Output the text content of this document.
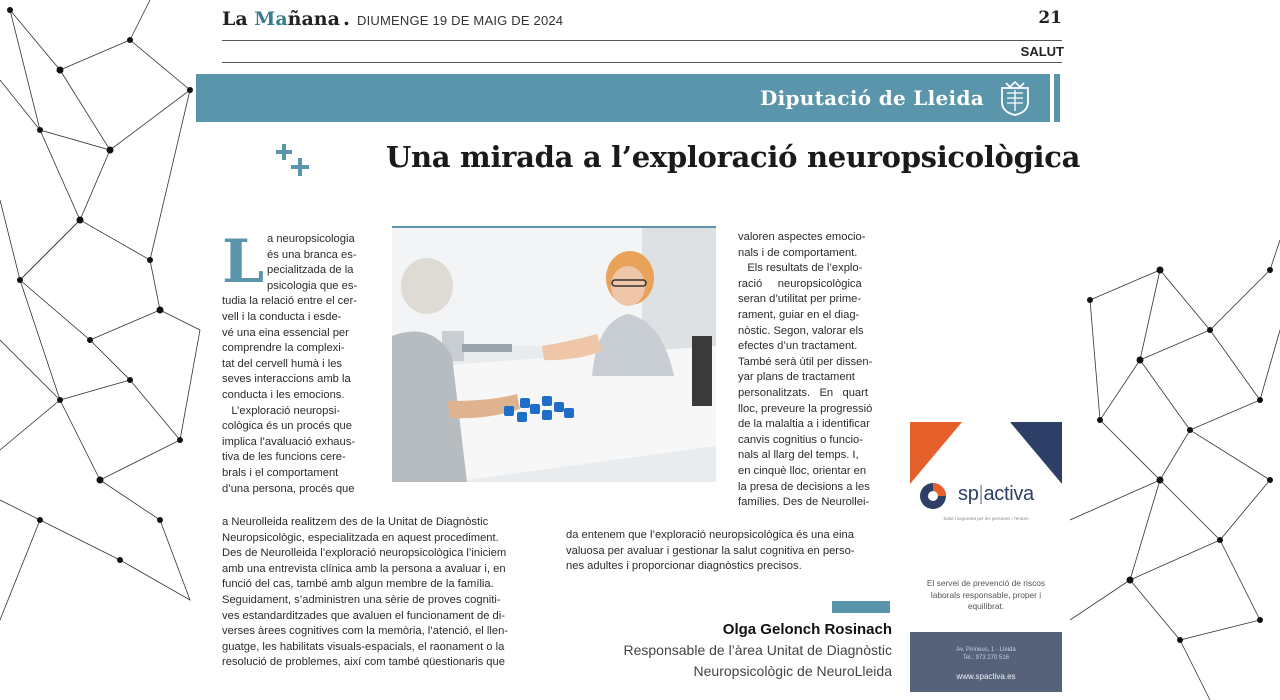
La Mañana . DIUMENGE 19 DE MAIG DE 2024	21
SALUT
Diputació de Lleida
Una mirada a l’exploració neuropsicològica
L a neuropsicologia
és una branca es-
pecialitzada de la
psicologia que es-
tudia la relació entre el cer-
vell i la conducta i esde-
vé una eina essencial per
comprendre la complexi-
tat del cervell humà i les
seves interaccions amb la
conducta i les emocions.
L’exploració neuropsi-
cològica és un procés que
implica l’avaluació exhaus-
tiva de les funcions cere-
brals i el comportament
d’una persona, procés que
a Neurolleida realitzem des de la Unitat de Diagnòstic
Neuropsicològic, especialitzada en aquest procediment.
Des de Neurolleida l’exploració neuropsicològica l’iniciem
amb una entrevista clínica amb la persona a avaluar i, en
funció del cas, també amb algun membre de la família.
Seguidament, s’administren una sèrie de proves cogniti-
ves estandarditzades que avaluen el funcionament de di-
verses àrees cognitives com la memòria, l’atenció, el llen-
guatge, les habilitats visuals-espacials, el raonament o la
resolució de problemes, així com també qüestionaris que
valoren aspectes emocio-
nals i de comportament.
Els resultats de l’explo-
ració     neuropsicològica
seran d’utilitat per prime-
rament, guiar en el diag-
nòstic. Segon, valorar els
efectes d’un tractament.
També serà útil per dissen-
yar plans de tractament
personalitzats.   En   quart
lloc, preveure la progressió
de la malaltia a i identificar
canvis cognitius o funcio-
nals al llarg del temps. I,
en cinquè lloc, orientar en
la presa de decisions a les
famílies. Des de Neurollei-
da entenem que l’exploració neuropsicològica és una eina
valuosa per avaluar i gestionar la salut cognitiva en perso-
nes adultes i proporcionar diagnòstics precisos.
Olga Gelonch Rosinach
Responsable de l’àrea Unitat de Diagnòstic
Neuropsicològic de NeuroLleida
sp|activa
Salut i seguretat per les persones i l’entorn
El servei de prevenció de riscos laborals responsable, proper i equilibrat.
Av. Pirineus, 1 · Lleida
Tel.: 973 270 516
www.spactiva.es
